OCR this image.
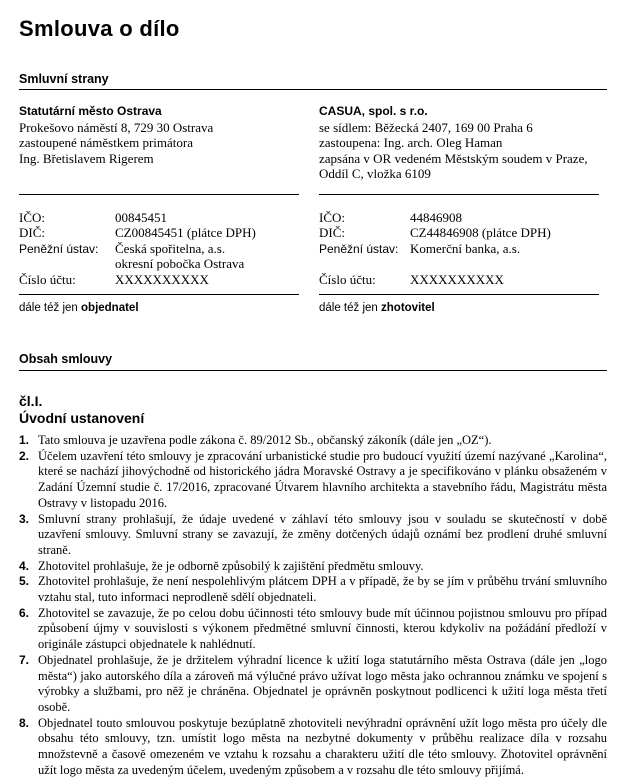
Smlouva o dílo
Smluvní strany
Statutární město Ostrava
Prokešovo náměstí 8, 729 30 Ostrava
zastoupené náměstkem primátora
Ing. Břetislavem Rigerem
IČO:	00845451
DIČ:	CZ00845451 (plátce DPH)
Peněžní ústav: Česká spořitelna, a.s.
okresní pobočka Ostrava
Číslo účtu:	XXXXXXXXXX
dále též jen objednatel
CASUA, spol. s r.o.
se sídlem: Běžecká 2407, 169 00 Praha 6
zastoupena: Ing. arch. Oleg Haman
zapsána v OR vedeném Městským soudem v Praze,
Oddíl C, vložka 6109
IČO:	44846908
DIČ:	CZ44846908 (plátce DPH)
Peněžní ústav: Komerční banka, a.s.
Číslo účtu:	XXXXXXXXXX
dále též jen zhotovitel
Obsah smlouvy
čl.I.
Úvodní ustanovení
1. Tato smlouva je uzavřena podle zákona č. 89/2012 Sb., občanský zákoník (dále jen „OZ“).
2. Účelem uzavření této smlouvy je zpracování urbanistické studie pro budoucí využití území nazývané „Karolina“, které se nachází jihovýchodně od historického jádra Moravské Ostravy a je specifikováno v plánku obsaženém v Zadání Územní studie č. 17/2016, zpracované Útvarem hlavního architekta a stavebního řádu, Magistrátu města Ostravy v listopadu 2016.
3. Smluvní strany prohlašují, že údaje uvedené v záhlaví této smlouvy jsou v souladu se skutečností v době uzavření smlouvy. Smluvní strany se zavazují, že změny dotčených údajů oznámí bez prodlení druhé smluvní straně.
4. Zhotovitel prohlašuje, že je odborně způsobilý k zajištění předmětu smlouvy.
5. Zhotovitel prohlašuje, že není nespolehlivým plátcem DPH a v případě, že by se jím v průběhu trvání smluvního vztahu stal, tuto informaci neprodleně sdělí objednateli.
6. Zhotovitel se zavazuje, že po celou dobu účinnosti této smlouvy bude mít účinnou pojistnou smlouvu pro případ způsobení újmy v souvislosti s výkonem předmětné smluvní činnosti, kterou kdykoliv na požádání předloží v originále zástupci objednatele k nahlédnutí.
7. Objednatel prohlašuje, že je držitelem výhradní licence k užití loga statutárního města Ostrava (dále jen „logo města“) jako autorského díla a zároveň má výlučné právo užívat logo města jako ochrannou známku ve spojení s výrobky a službami, pro něž je chráněna. Objednatel je oprávněn poskytnout podlicenci k užití loga města třetí osobě.
8. Objednatel touto smlouvou poskytuje bezúplatně zhotoviteli nevýhradní oprávnění užít logo města pro účely dle obsahu této smlouvy, tzn. umístit logo města na nezbytné dokumenty v průběhu realizace díla v rozsahu množstevně a časově omezeném ve vztahu k rozsahu a charakteru užití dle této smlouvy. Zhotovitel oprávnění užít logo města za uvedeným účelem, uvedeným způsobem a v rozsahu dle této smlouvy přijímá.
